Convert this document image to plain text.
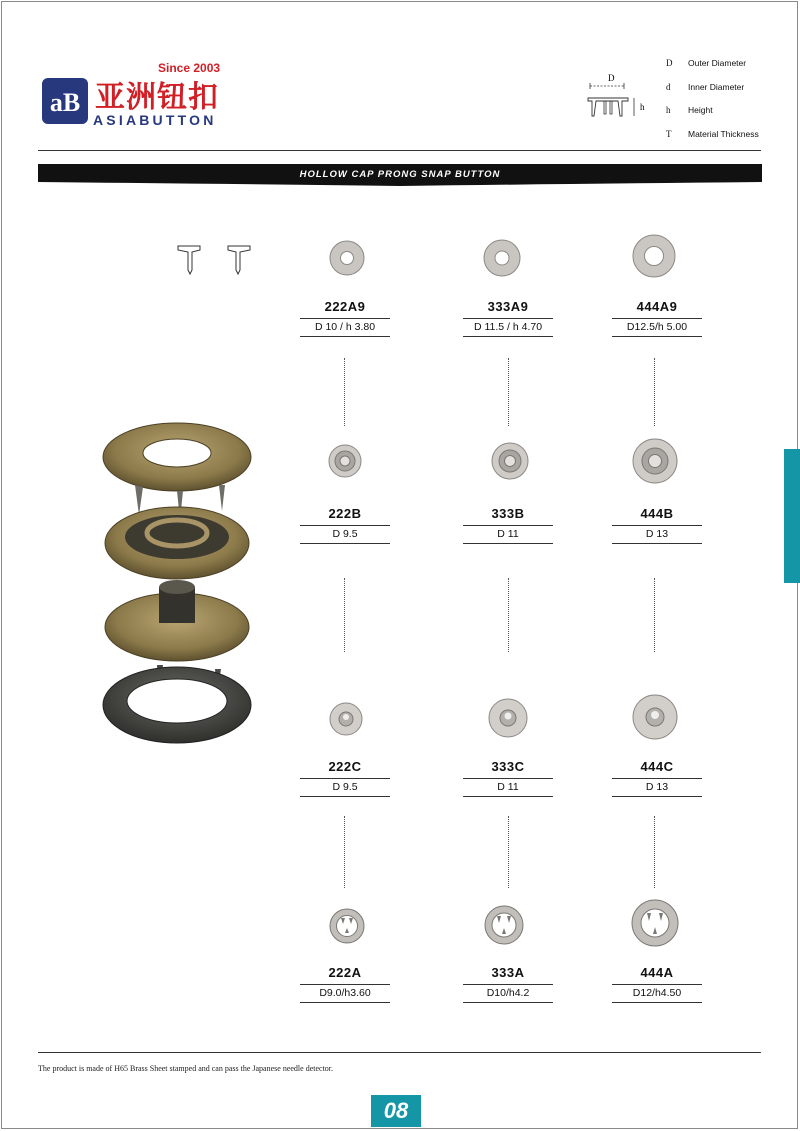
aB
Since 2003
亚洲钮扣
ASIABUTTON
D
h
D	Outer Diameter
d	Inner Diameter
h	Height
T	Material Thickness
HOLLOW CAP PRONG SNAP BUTTON
222A9
D 10 / h 3.80
333A9
D 11.5 / h 4.70
444A9
D12.5/h 5.00
222B
D 9.5
333B
D 11
444B
D 13
222C
D 9.5
333C
D 11
444C
D 13
222A
D9.0/h3.60
333A
D10/h4.2
444A
D12/h4.50
The product is made of H65 Brass Sheet stamped and can pass the Japanese needle detector.
08
